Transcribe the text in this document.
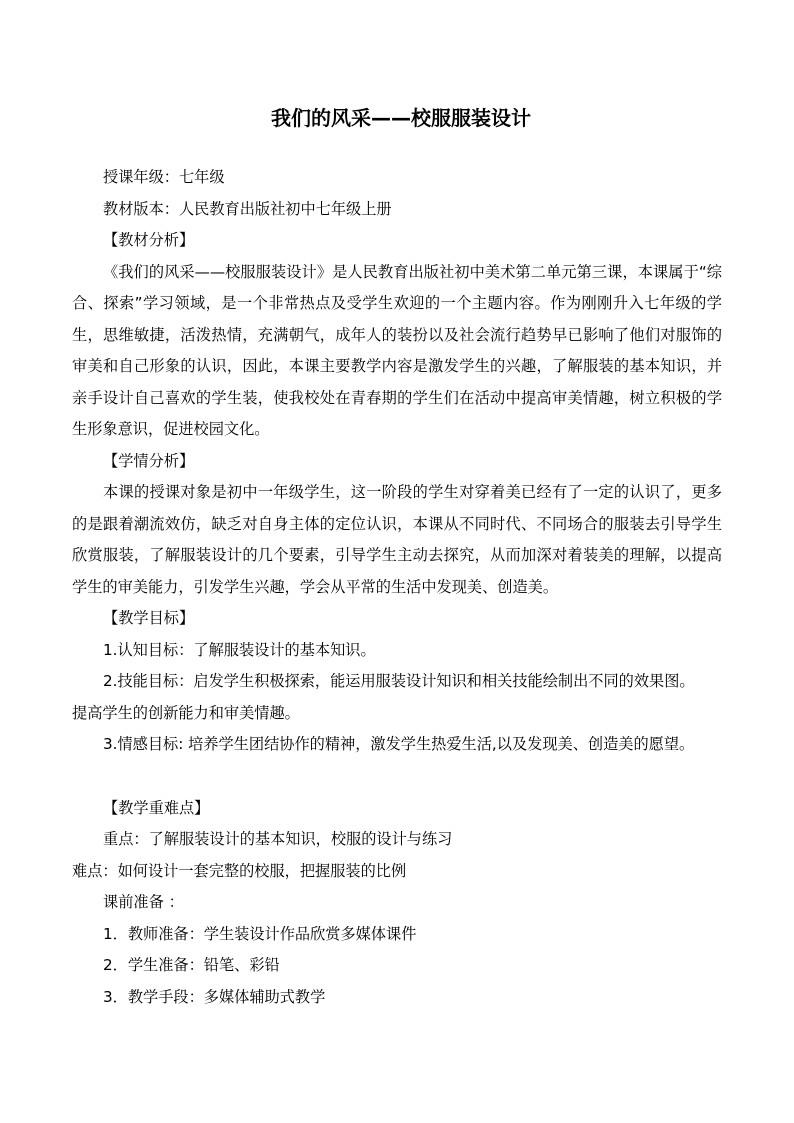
我们的风采——校服服装设计

授课年级：七年级

教材版本：人民教育出版社初中七年级上册

【教材分析】

《我们的风采——校服服装设计》是人民教育出版社初中美术第二单元第三课，本课属于“综合、探索”学习领域，是一个非常热点及受学生欢迎的一个主题内容。作为刚刚升入七年级的学生，思维敏捷，活泼热情，充满朝气，成年人的装扮以及社会流行趋势早已影响了他们对服饰的审美和自己形象的认识，因此，本课主要教学内容是激发学生的兴趣，了解服装的基本知识，并亲手设计自己喜欢的学生装，使我校处在青春期的学生们在活动中提高审美情趣，树立积极的学生形象意识，促进校园文化。

【学情分析】

本课的授课对象是初中一年级学生，这一阶段的学生对穿着美已经有了一定的认识了，更多的是跟着潮流效仿，缺乏对自身主体的定位认识，本课从不同时代、不同场合的服装去引导学生欣赏服装，了解服装设计的几个要素，引导学生主动去探究，从而加深对着装美的理解，以提高学生的审美能力，引发学生兴趣，学会从平常的生活中发现美、创造美。

【教学目标】

1.认知目标：了解服装设计的基本知识。

2.技能目标：启发学生积极探索，能运用服装设计知识和相关技能绘制出不同的效果图。

提高学生的创新能力和审美情趣。

3.情感目标: 培养学生团结协作的精神，激发学生热爱生活,以及发现美、创造美的愿望。

【教学重难点】

重点：了解服装设计的基本知识，校服的设计与练习

难点：如何设计一套完整的校服，把握服装的比例

课前准备 ：

1．教师准备：学生装设计作品欣赏多媒体课件

2．学生准备：铅笔、彩铅

3．教学手段：多媒体辅助式教学
